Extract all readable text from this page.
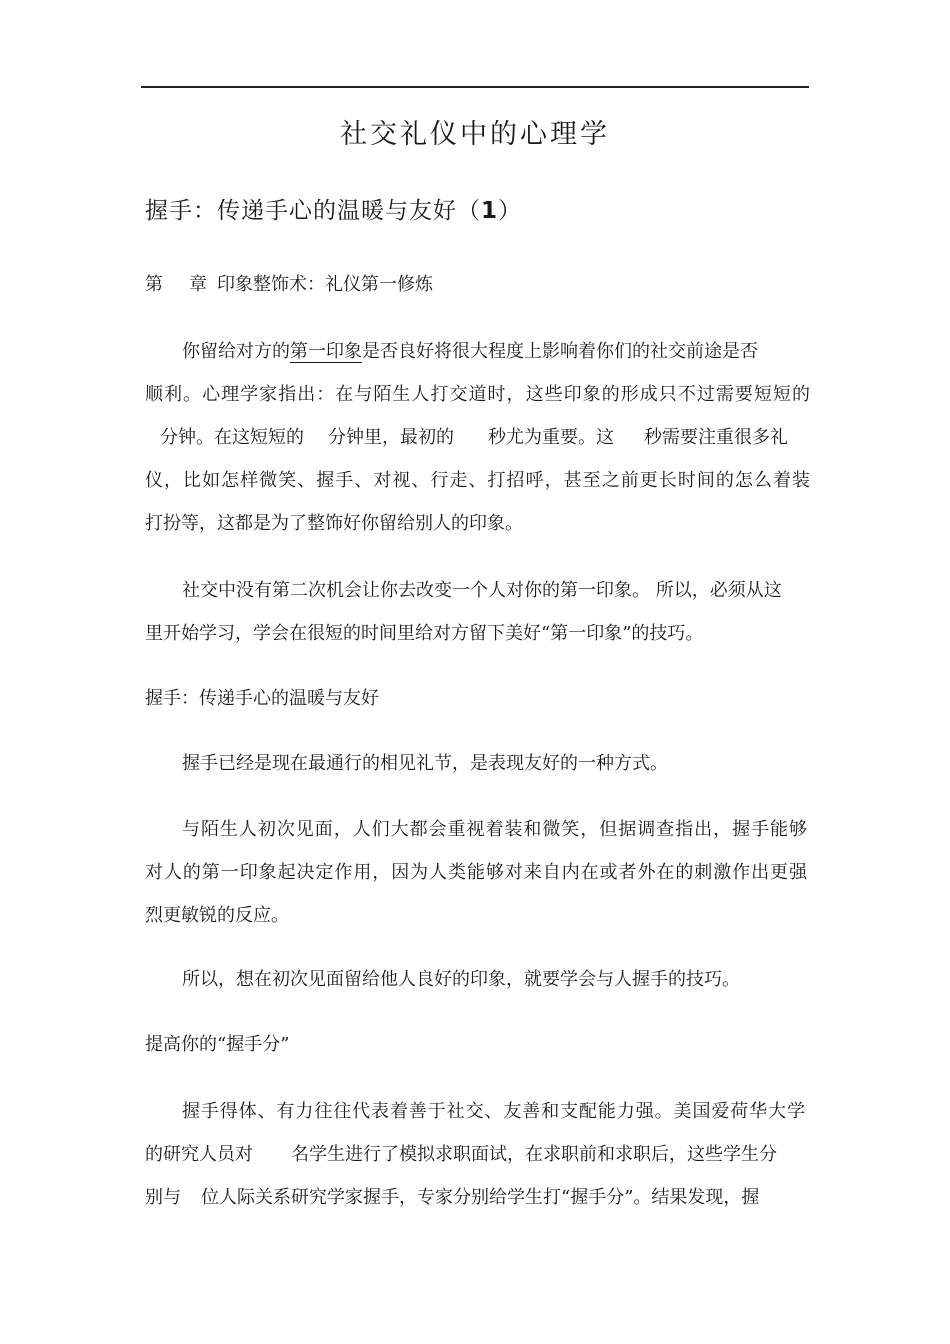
社交礼仪中的心理学
握手：传递手心的温暖与友好（1）
第 章 印象整饰术：礼仪第一修炼
你留给对方的第一印象是否良好将很大程度上影响着你们的社交前途是否
顺利。心理学家指出：在与陌生人打交道时，这些印象的形成只不过需要短短的
分钟。在这短短的 分钟里，最初的 秒尤为重要。这 秒需要注重很多礼
仪，比如怎样微笑、握手、对视、行走、打招呼，甚至之前更长时间的怎么着装
打扮等，这都是为了整饰好你留给别人的印象。
社交中没有第二次机会让你去改变一个人对你的第一印象。 所以，必须从这
里开始学习，学会在很短的时间里给对方留下美好“第一印象”的技巧。
握手：传递手心的温暖与友好
握手已经是现在最通行的相见礼节，是表现友好的一种方式。
与陌生人初次见面，人们大都会重视着装和微笑，但据调查指出，握手能够
对人的第一印象起决定作用，因为人类能够对来自内在或者外在的刺激作出更强
烈更敏锐的反应。
所以，想在初次见面留给他人良好的印象，就要学会与人握手的技巧。
提高你的“握手分”
握手得体、有力往往代表着善于社交、友善和支配能力强。美国爱荷华大学
的研究人员对 名学生进行了模拟求职面试，在求职前和求职后，这些学生分
别与 位人际关系研究学家握手，专家分别给学生打“握手分”。结果发现，握
